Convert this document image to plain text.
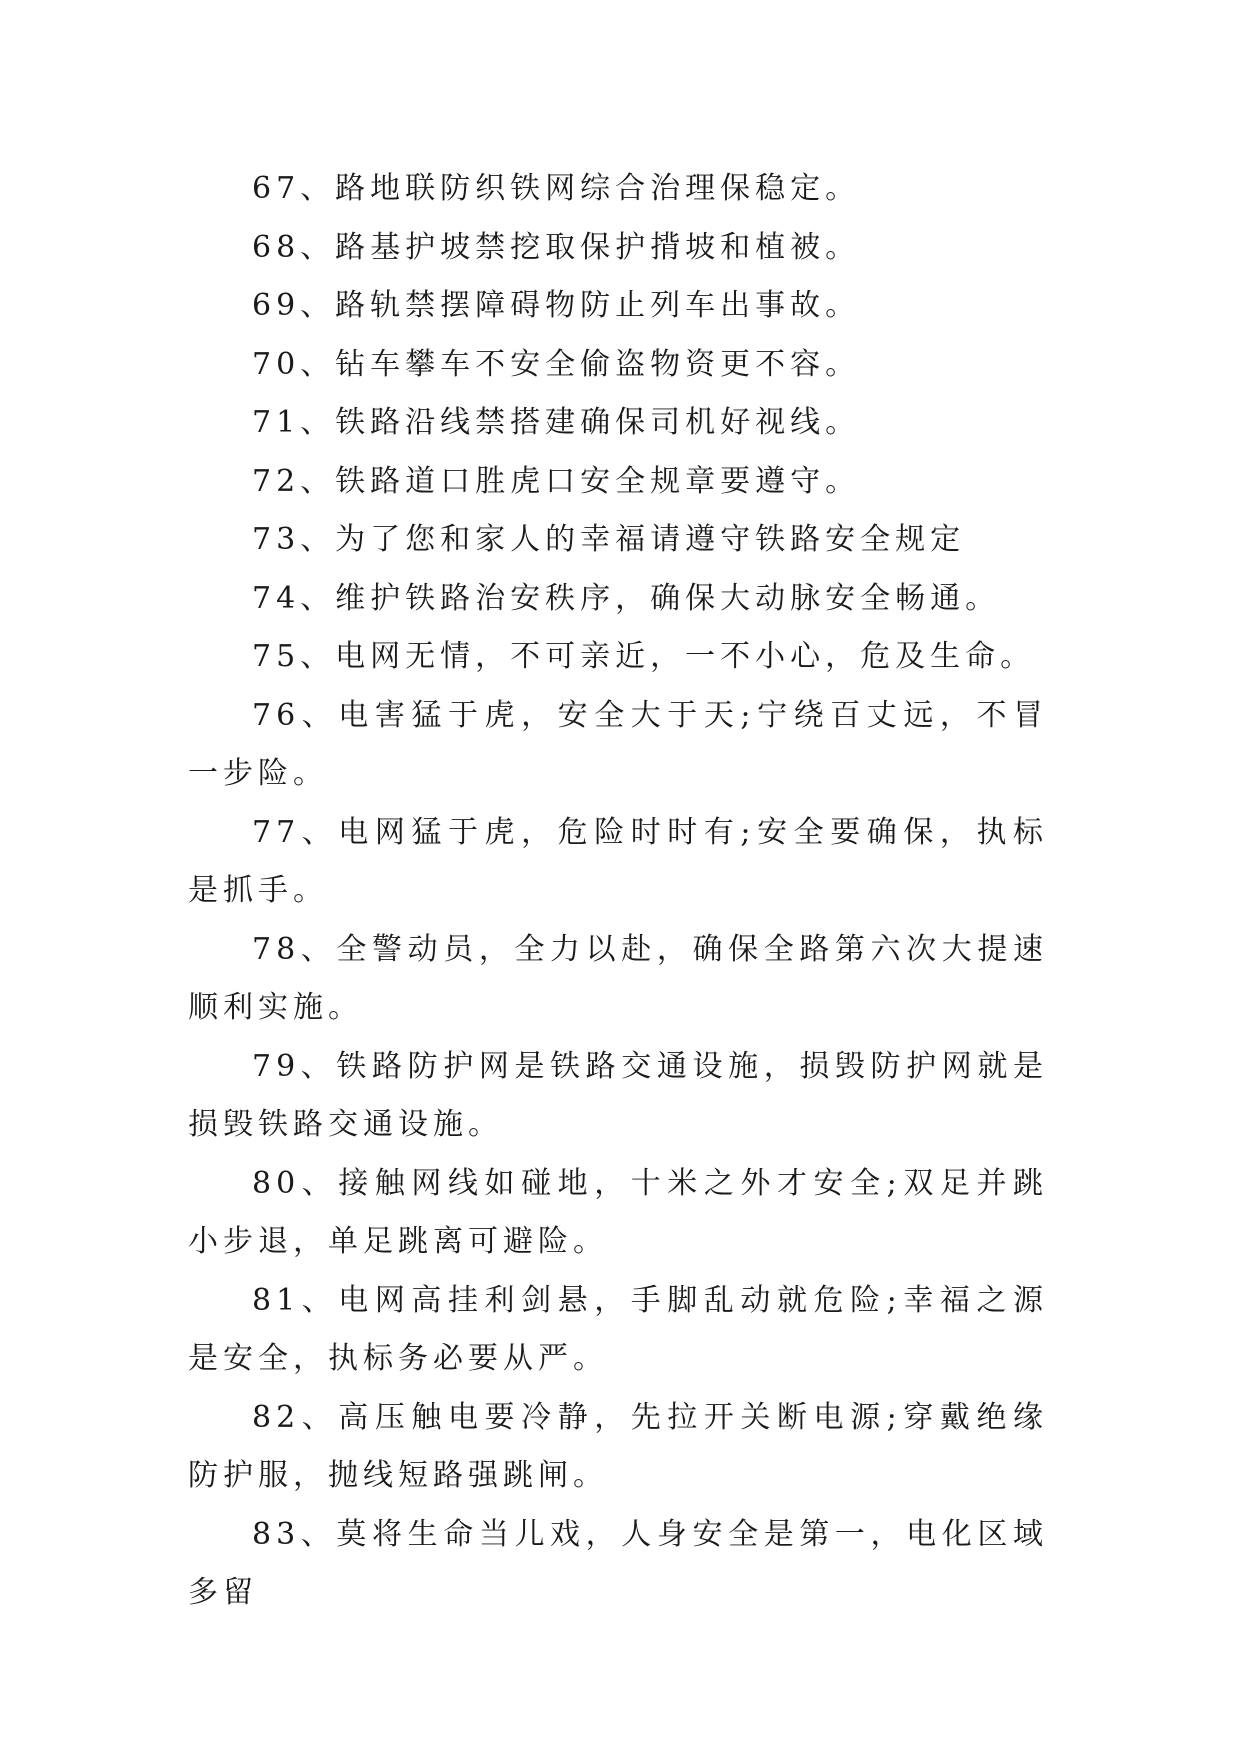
67、路地联防织铁网综合治理保稳定。

68、路基护坡禁挖取保护揹坡和植被。

69、路轨禁摆障碍物防止列车出事故。

70、钻车攀车不安全偷盗物资更不容。

71、铁路沿线禁搭建确保司机好视线。

72、铁路道口胜虎口安全规章要遵守。

73、为了您和家人的幸福请遵守铁路安全规定

74、维护铁路治安秩序，确保大动脉安全畅通。

75、电网无情，不可亲近，一不小心，危及生命。

76、电害猛于虎，安全大于天;宁绕百丈远，不冒一步险。

77、电网猛于虎，危险时时有;安全要确保，执标是抓手。

78、全警动员，全力以赴，确保全路第六次大提速顺利实施。

79、铁路防护网是铁路交通设施，损毁防护网就是损毁铁路交通设施。

80、接触网线如碰地，十米之外才安全;双足并跳小步退，单足跳离可避险。

81、电网高挂利剑悬，手脚乱动就危险;幸福之源是安全，执标务必要从严。

82、高压触电要冷静，先拉开关断电源;穿戴绝缘防护服，抛线短路强跳闸。

83、莫将生命当儿戏，人身安全是第一，电化区域多留
